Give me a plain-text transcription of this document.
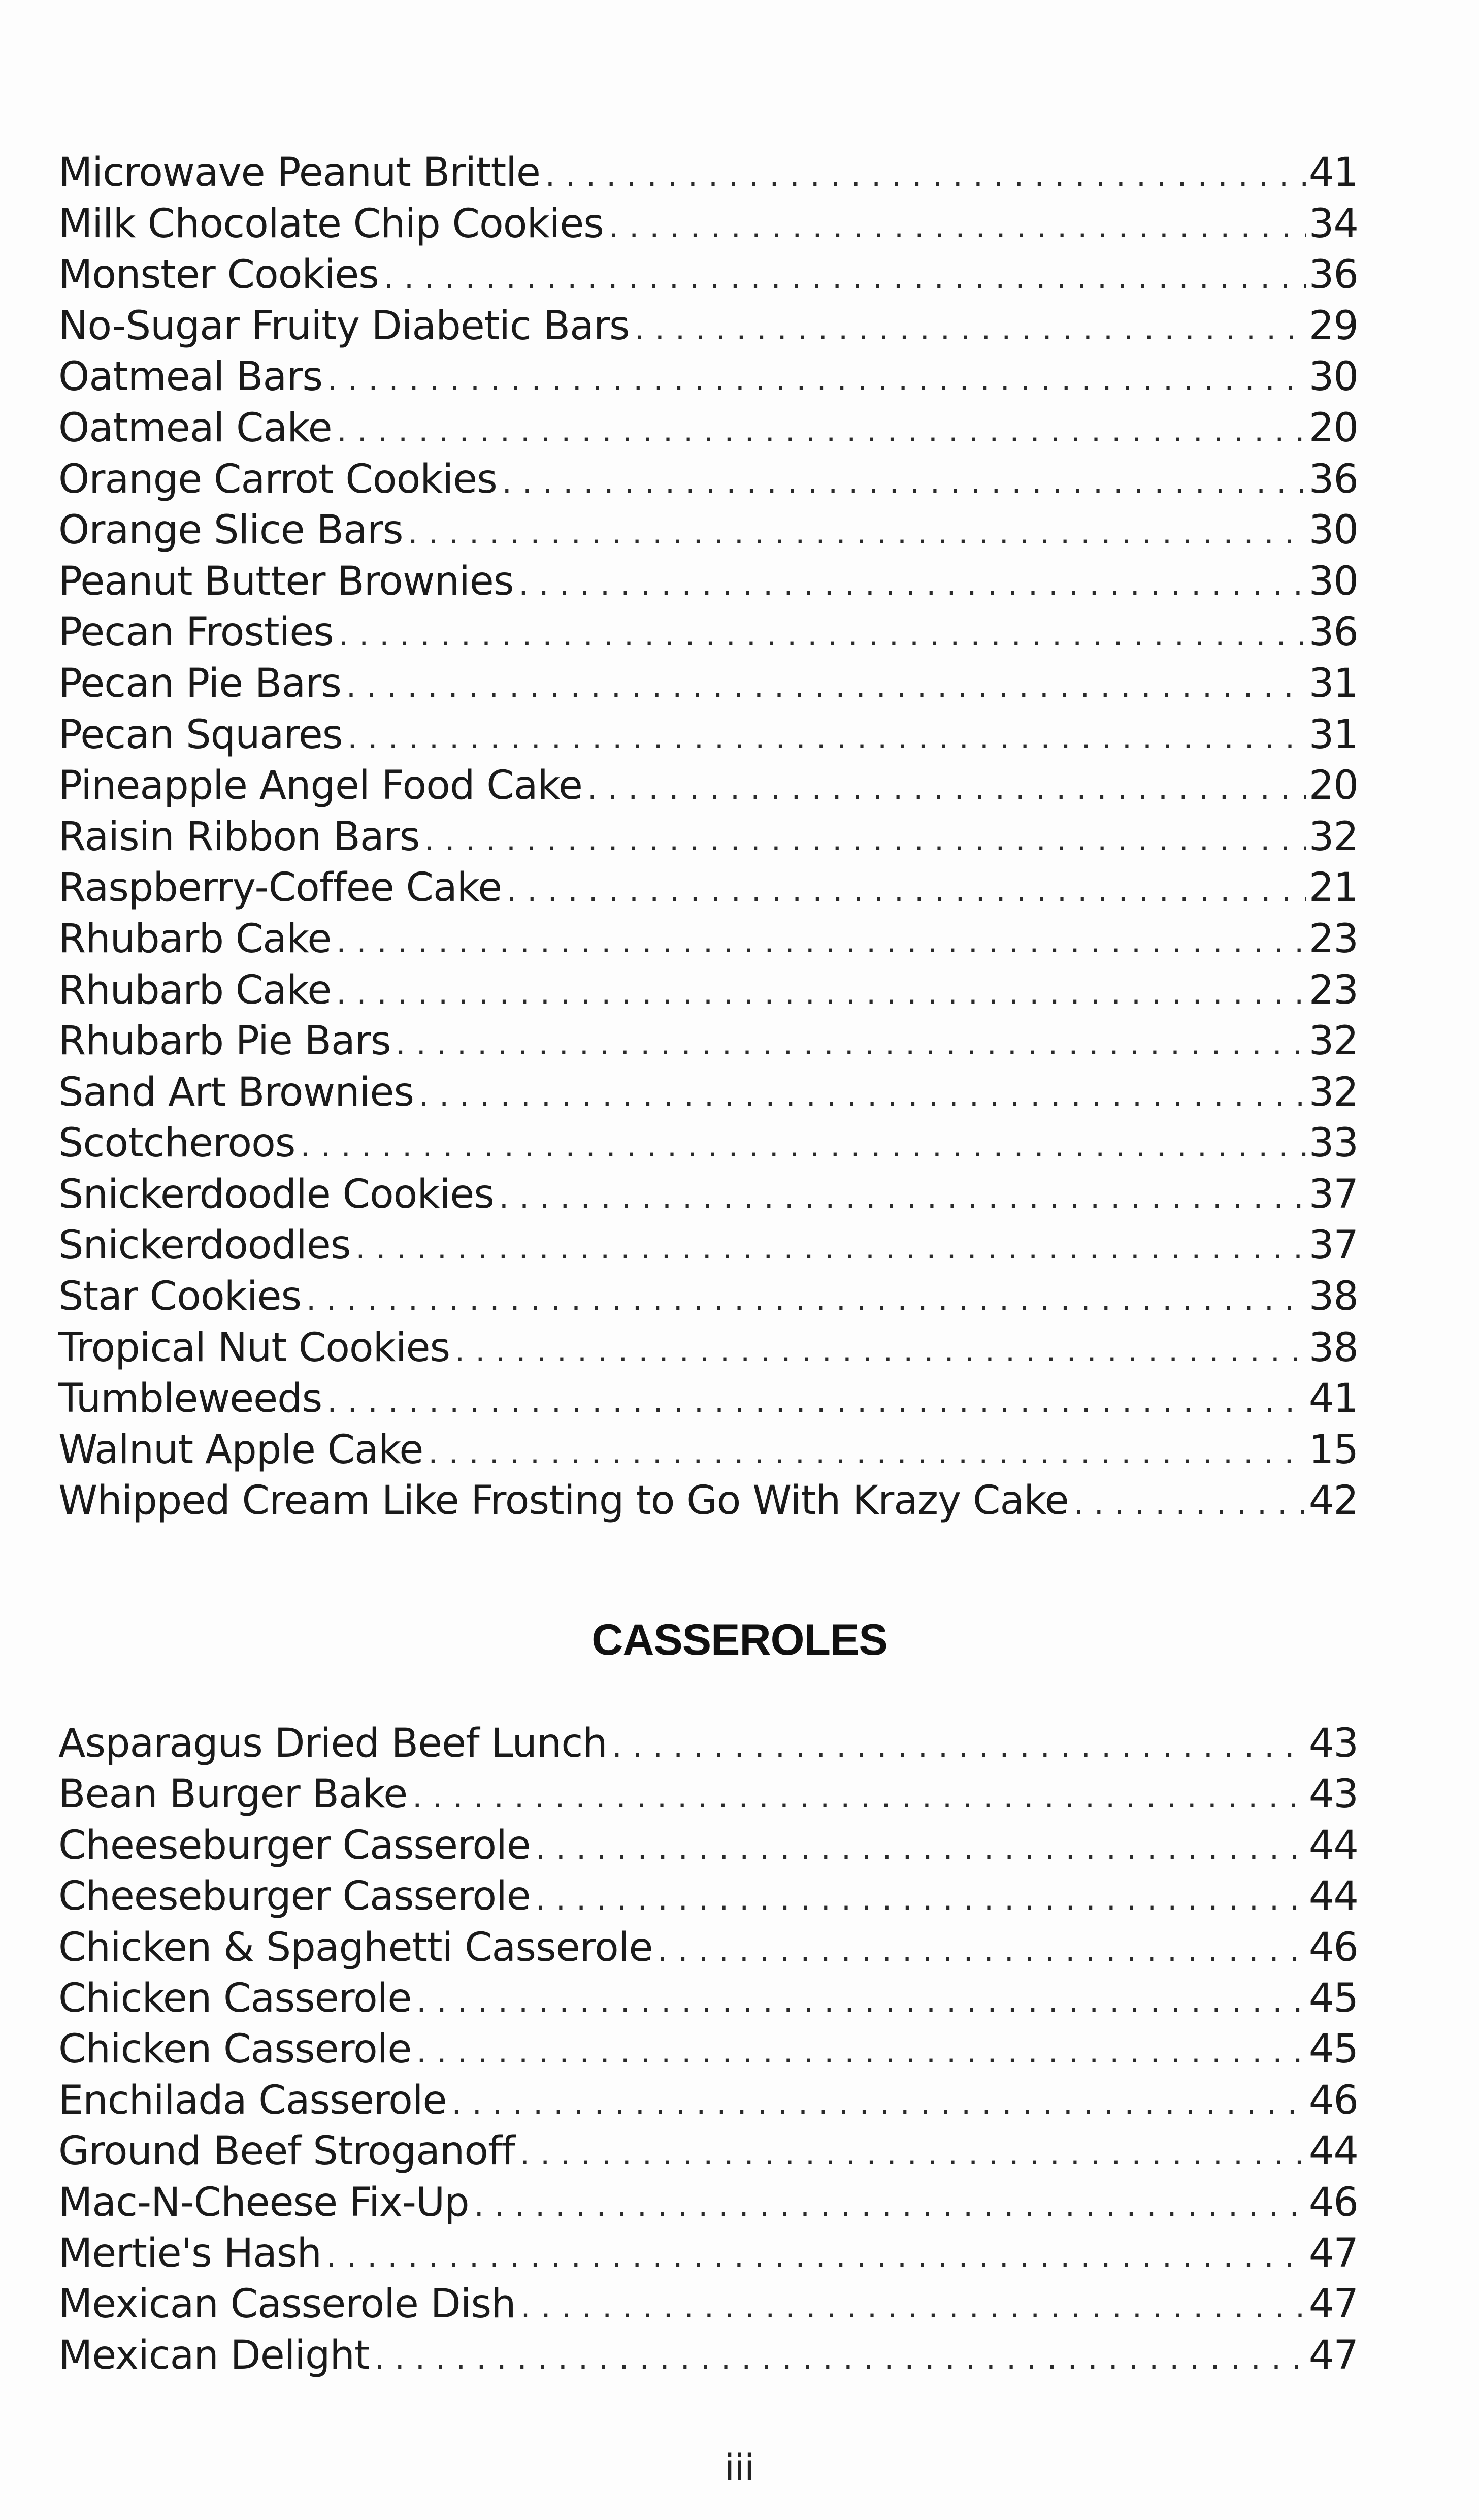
Microwave Peanut Brittle . . .	41
Milk Chocolate Chip Cookies . . .	34
Monster Cookies . . .	36
No-Sugar Fruity Diabetic Bars . . .	29
Oatmeal Bars . . .	30
Oatmeal Cake . . .	20
Orange Carrot Cookies . . .	36
Orange Slice Bars . . .	30
Peanut Butter Brownies . . .	30
Pecan Frosties . . .	36
Pecan Pie Bars . . .	31
Pecan Squares . . .	31
Pineapple Angel Food Cake . . .	20
Raisin Ribbon Bars . . .	32
Raspberry-Coffee Cake . . .	21
Rhubarb Cake . . .	23
Rhubarb Cake . . .	23
Rhubarb Pie Bars . . .	32
Sand Art Brownies . . .	32
Scotcheroos . . .	33
Snickerdoodle Cookies . . .	37
Snickerdoodles . . .	37
Star Cookies . . .	38
Tropical Nut Cookies . . .	38
Tumbleweeds . . .	41
Walnut Apple Cake . . .	15
Whipped Cream Like Frosting to Go With Krazy Cake . . .	42
CASSEROLES
Asparagus Dried Beef Lunch . . .	43
Bean Burger Bake . . .	43
Cheeseburger Casserole . . .	44
Cheeseburger Casserole . . .	44
Chicken & Spaghetti Casserole . . .	46
Chicken Casserole . . .	45
Chicken Casserole . . .	45
Enchilada Casserole . . .	46
Ground Beef Stroganoff . . .	44
Mac-N-Cheese Fix-Up . . .	46
Mertie's Hash . . .	47
Mexican Casserole Dish . . .	47
Mexican Delight . . .	47
iii
